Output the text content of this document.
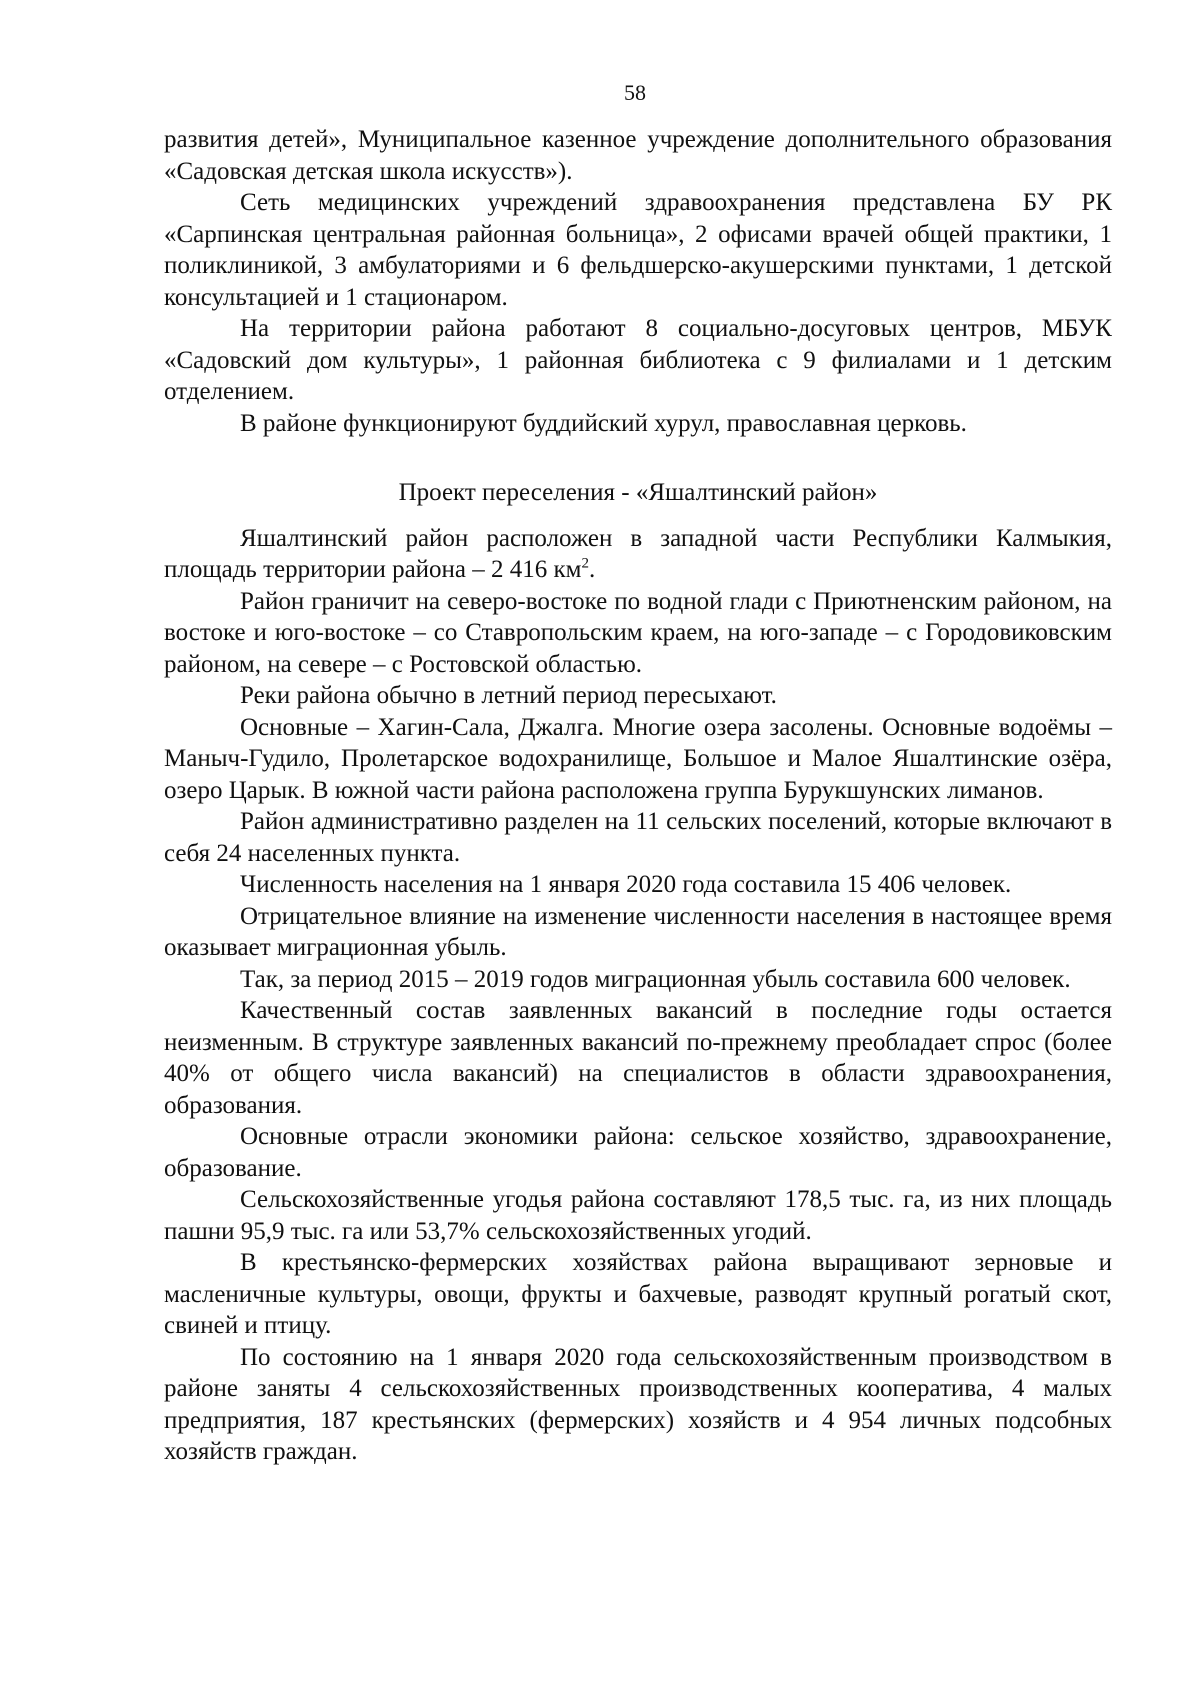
58

развития детей», Муниципальное казенное учреждение дополнительного образования «Садовская детская школа искусств»).

Сеть медицинских учреждений здравоохранения представлена БУ РК «Сарпинская центральная районная больница», 2 офисами врачей общей практики, 1 поликлиникой, 3 амбулаториями и 6 фельдшерско-акушерскими пунктами, 1 детской консультацией и 1 стационаром.

На территории района работают 8 социально-досуговых центров, МБУК «Садовский дом культуры», 1 районная библиотека с 9 филиалами и 1 детским отделением.

В районе функционируют буддийский хурул, православная церковь.

Проект переселения - «Яшалтинский район»

Яшалтинский район расположен в западной части Республики Калмыкия, площадь территории района – 2 416 $км^2$.

Район граничит на северо-востоке по водной глади с Приютненским районом, на востоке и юго-востоке – со Ставропольским краем, на юго-западе – с Городовиковским районом, на севере – с Ростовской областью.

Реки района обычно в летний период пересыхают.

Основные – Хагин-Сала, Джалга. Многие озера засолены. Основные водоёмы – Маныч-Гудило, Пролетарское водохранилище, Большое и Малое Яшалтинские озёра, озеро Царык. В южной части района расположена группа Бурукшунских лиманов.

Район административно разделен на 11 сельских поселений, которые включают в себя 24 населенных пункта.

Численность населения на 1 января 2020 года составила 15 406 человек.

Отрицательное влияние на изменение численности населения в настоящее время оказывает миграционная убыль.

Так, за период 2015 – 2019 годов миграционная убыль составила 600 человек.

Качественный состав заявленных вакансий в последние годы остается неизменным. В структуре заявленных вакансий по-прежнему преобладает спрос (более 40% от общего числа вакансий) на специалистов в области здравоохранения, образования.

Основные отрасли экономики района: сельское хозяйство, здравоохранение, образование.

Сельскохозяйственные угодья района составляют 178,5 тыс. га, из них площадь пашни 95,9 тыс. га или 53,7% сельскохозяйственных угодий.

В крестьянско-фермерских хозяйствах района выращивают зерновые и масленичные культуры, овощи, фрукты и бахчевые, разводят крупный рогатый скот, свиней и птицу.

По состоянию на 1 января 2020 года сельскохозяйственным производством в районе заняты 4 сельскохозяйственных производственных кооператива, 4 малых предприятия, 187 крестьянских (фермерских) хозяйств и 4 954 личных подсобных хозяйств граждан.
